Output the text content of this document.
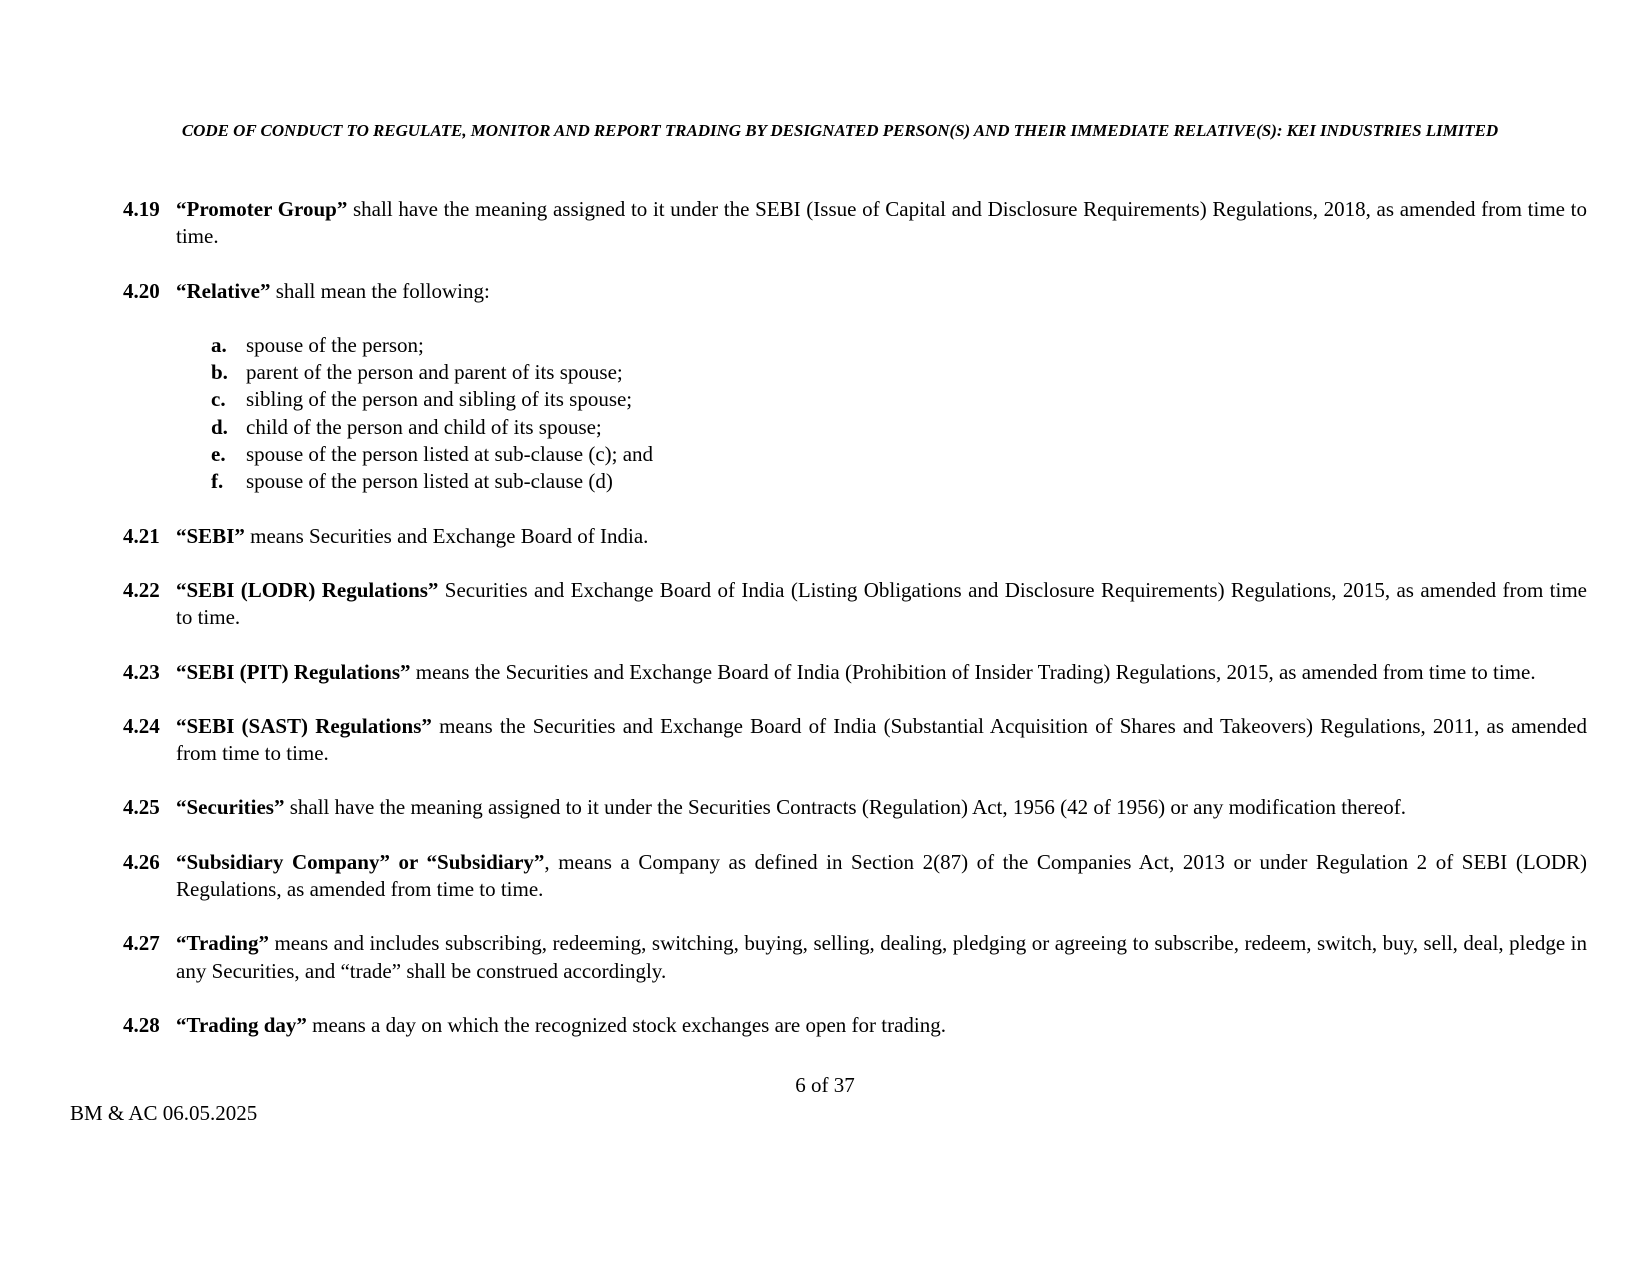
CODE OF CONDUCT TO REGULATE, MONITOR AND REPORT TRADING BY DESIGNATED PERSON(S) AND THEIR IMMEDIATE RELATIVE(S): KEI INDUSTRIES LIMITED
4.19 “Promoter Group” shall have the meaning assigned to it under the SEBI (Issue of Capital and Disclosure Requirements) Regulations, 2018, as amended from time to time.
4.20 “Relative” shall mean the following:
a. spouse of the person;
b. parent of the person and parent of its spouse;
c. sibling of the person and sibling of its spouse;
d. child of the person and child of its spouse;
e. spouse of the person listed at sub-clause (c); and
f. spouse of the person listed at sub-clause (d)
4.21 “SEBI” means Securities and Exchange Board of India.
4.22 “SEBI (LODR) Regulations” Securities and Exchange Board of India (Listing Obligations and Disclosure Requirements) Regulations, 2015, as amended from time to time.
4.23 “SEBI (PIT) Regulations” means the Securities and Exchange Board of India (Prohibition of Insider Trading) Regulations, 2015, as amended from time to time.
4.24 “SEBI (SAST) Regulations” means the Securities and Exchange Board of India (Substantial Acquisition of Shares and Takeovers) Regulations, 2011, as amended from time to time.
4.25 “Securities” shall have the meaning assigned to it under the Securities Contracts (Regulation) Act, 1956 (42 of 1956) or any modification thereof.
4.26 “Subsidiary Company” or “Subsidiary”, means a Company as defined in Section 2(87) of the Companies Act, 2013 or under Regulation 2 of SEBI (LODR) Regulations, as amended from time to time.
4.27 “Trading” means and includes subscribing, redeeming, switching, buying, selling, dealing, pledging or agreeing to subscribe, redeem, switch, buy, sell, deal, pledge in any Securities, and “trade” shall be construed accordingly.
4.28 “Trading day” means a day on which the recognized stock exchanges are open for trading.
6 of 37
BM & AC 06.05.2025
